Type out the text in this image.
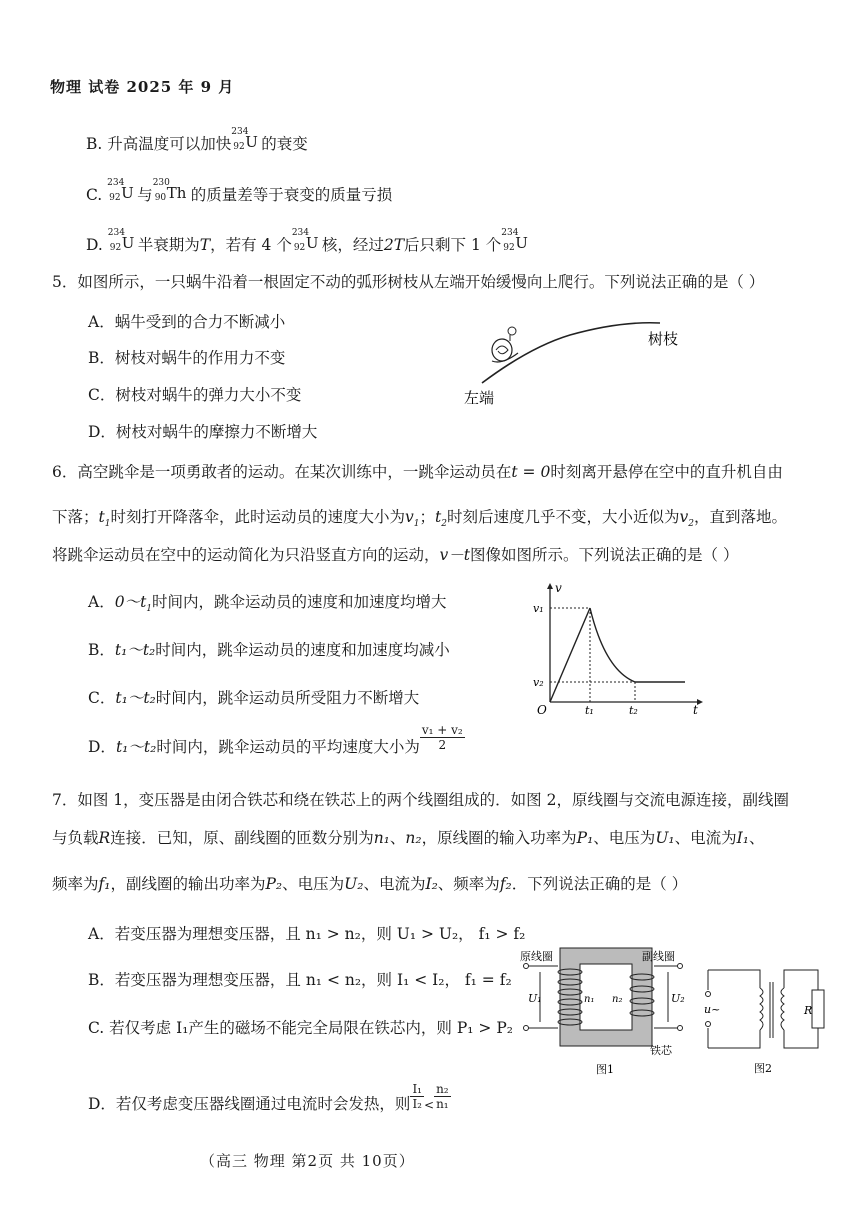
物理 试卷 2025 年 9 月
B. 升高温度可以加快
234
92 U 的衰变
C.
234
92 U 与
230
90 Th 的质量差等于衰变的质量亏损
D.
234
92 U 半衰期为T，若有 4 个
234
92 U 核，经过2T后只剩下 1 个
234
92 U
5．如图所示，一只蜗牛沿着一根固定不动的弧形树枝从左端开始缓慢向上爬行。下列说法正确的是（ ）
A．蜗牛受到的合力不断减小
B．树枝对蜗牛的作用力不变
C．树枝对蜗牛的弹力大小不变
D．树枝对蜗牛的摩擦力不断增大
树枝
左端
6．高空跳伞是一项勇敢者的运动。在某次训练中，一跳伞运动员在t = 0时刻离开悬停在空中的直升机自由
下落；$t_1$时刻打开降落伞，此时运动员的速度大小为$v_1$；$t_2$时刻后速度几乎不变，大小近似为$v_2$，直到落地。
将跳伞运动员在空中的运动简化为只沿竖直方向的运动，v－t图像如图所示。下列说法正确的是（ ）
A．$0\sim t_1$时间内，跳伞运动员的速度和加速度均增大
B．t₁～t₂时间内，跳伞运动员的速度和加速度均减小
C．t₁～t₂时间内，跳伞运动员所受阻力不断增大
D．t₁～t₂时间内，跳伞运动员的平均速度大小为 $\frac{\text{v₁ + v₂}}{2}$
v
t
O
v₁
v₂
t₁	t₂
7．如图 1，变压器是由闭合铁芯和绕在铁芯上的两个线圈组成的．如图 2，原线圈与交流电源连接，副线圈
与负载R连接．已知，原、副线圈的匝数分别为n₁、n₂，原线圈的输入功率为P₁、电压为U₁、电流为I₁、
频率为f₁，副线圈的输出功率为P₂、电压为U₂、电流为I₂、频率为f₂．下列说法正确的是（ ）
A．若变压器为理想变压器，且 n₁ > n₂，则 U₁ > U₂， f₁ > f₂
B．若变压器为理想变压器，且 n₁ < n₂，则 I₁ < I₂， f₁ = f₂
C. 若仅考虑 I₁产生的磁场不能完全局限在铁芯内，则 P₁ > P₂
D．若仅考虑变压器线圈通过电流时会发热，则 $\frac{\text{I₁}}{\text{I₂}} < \frac{\text{n₂}}{\text{n₁}}$
原线圈	副线圈
铁芯
U₁	U₂
n₁ n₂
图1
u~	R
图2
（高三 物理 第2页 共 10页）
